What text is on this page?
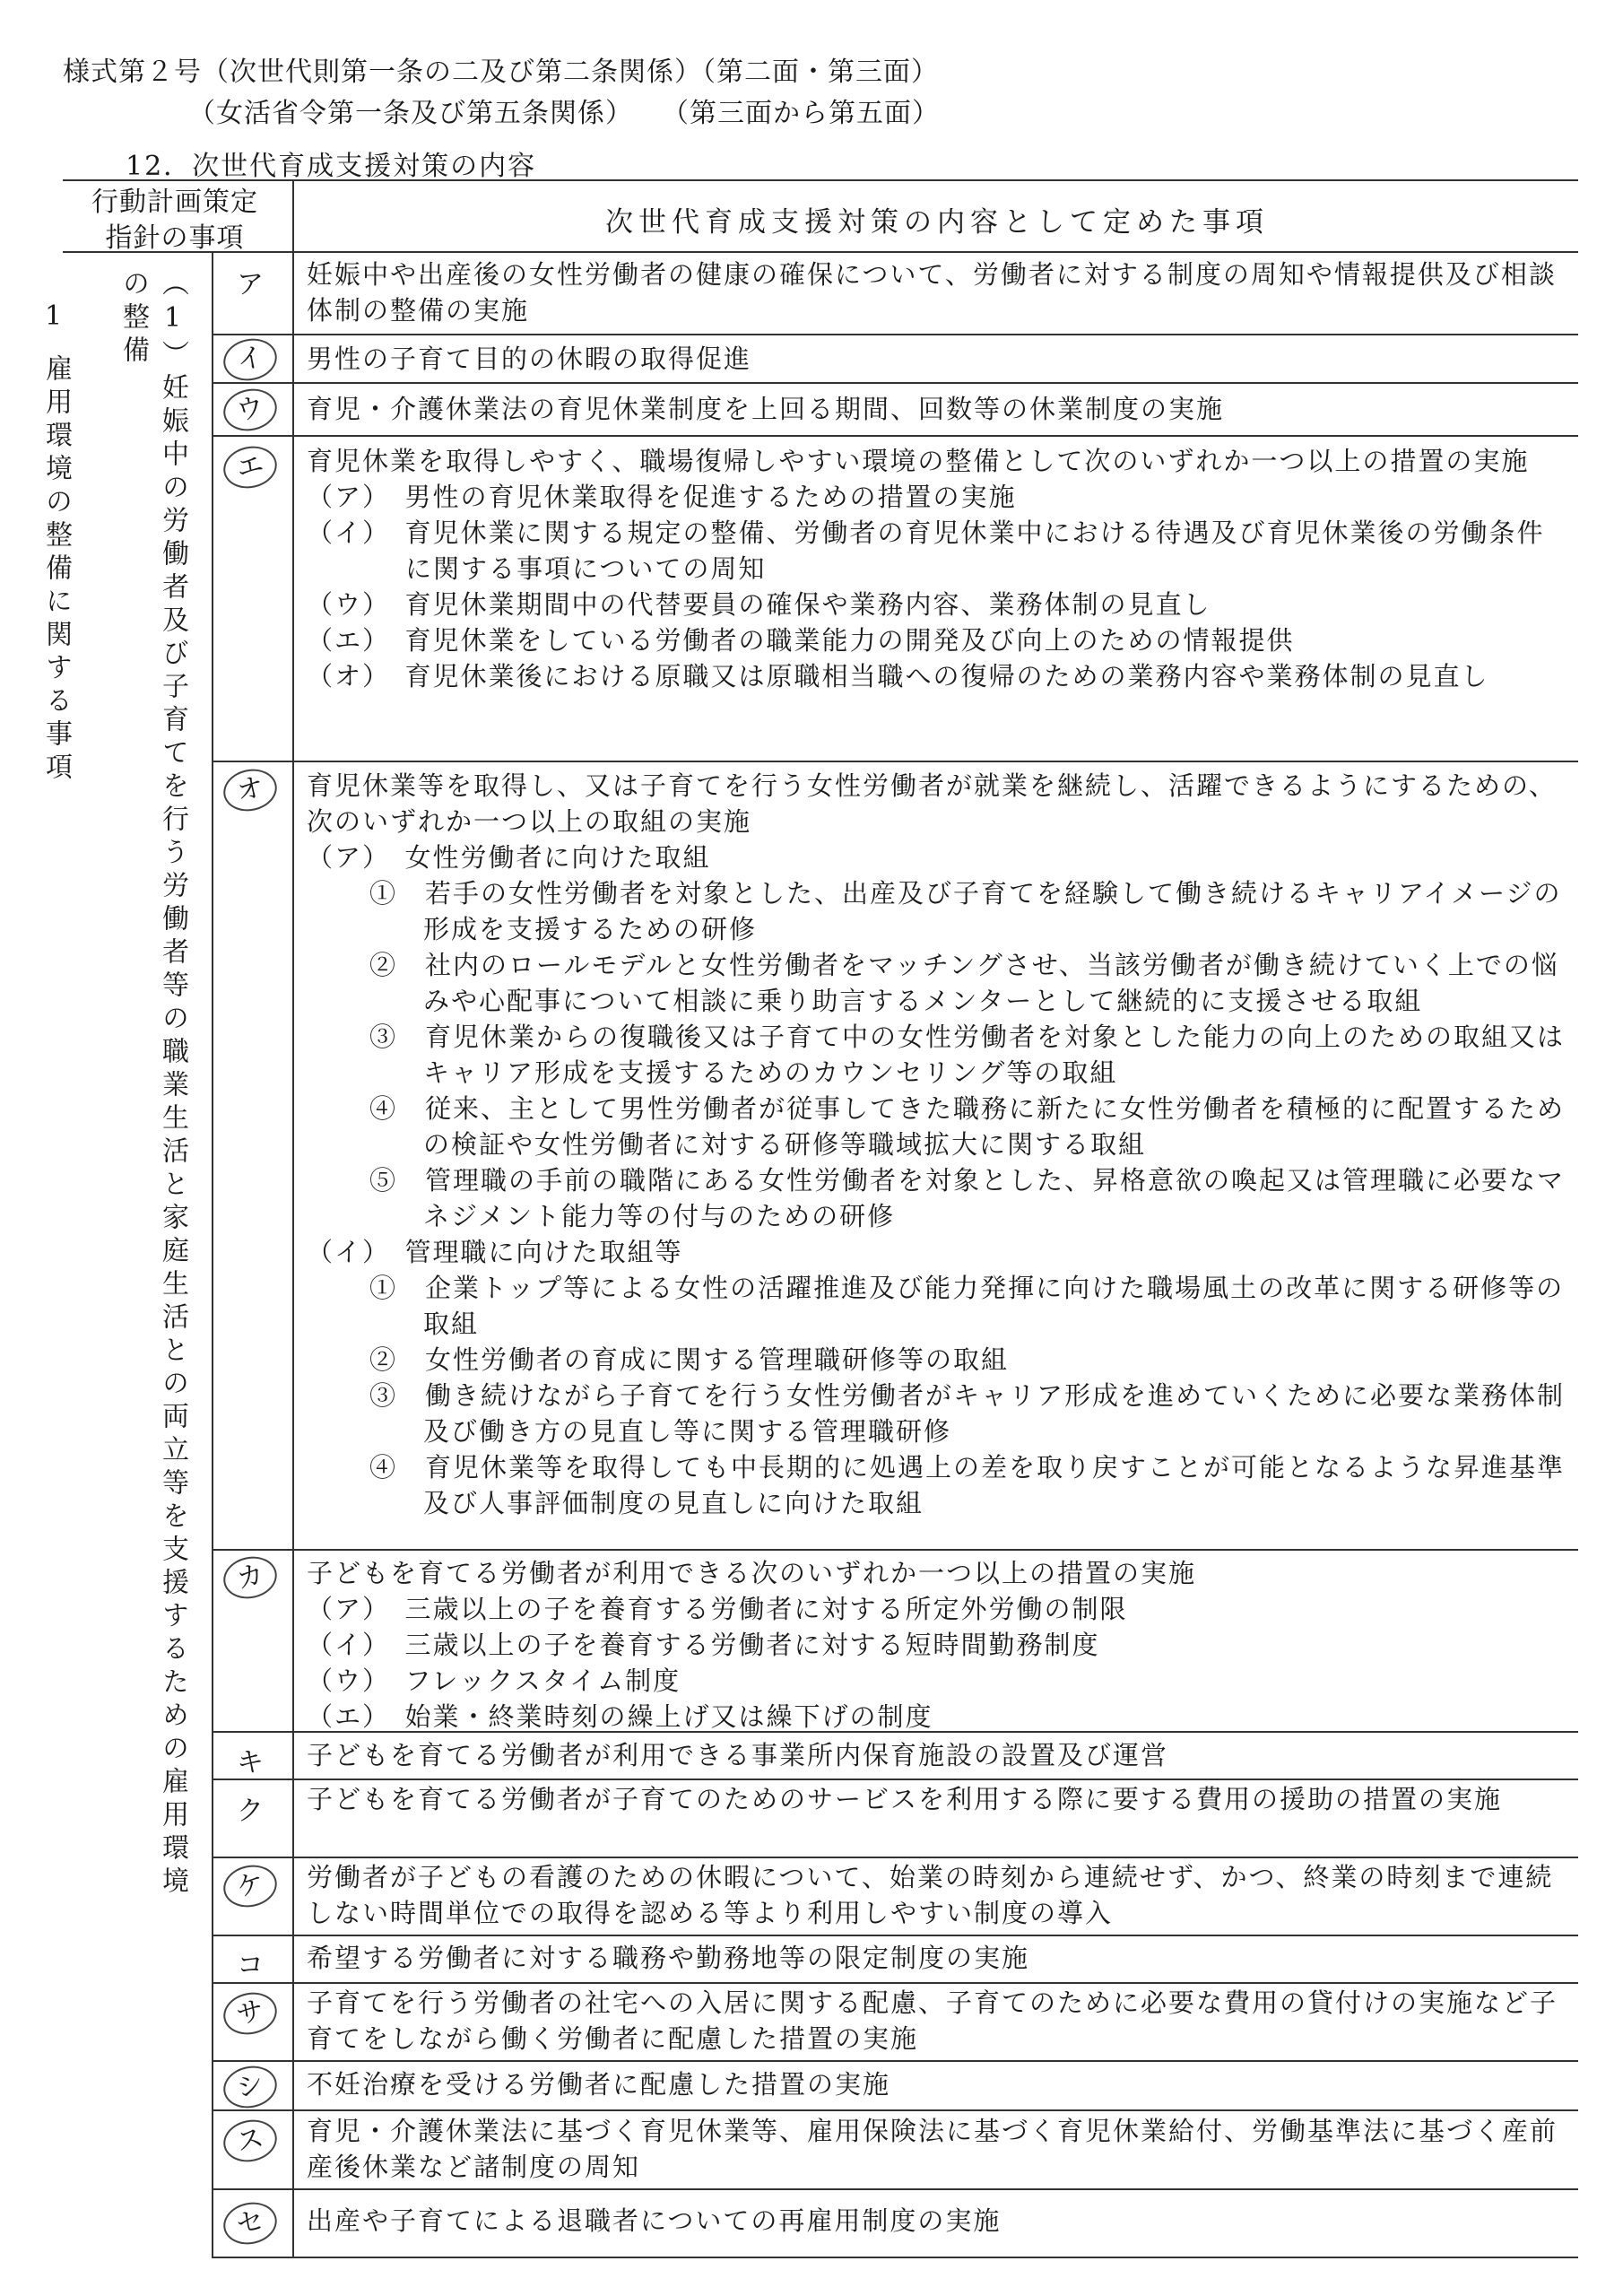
様式第２号（次世代則第一条の二及び第二条関係）（第二面・第三面）
　　　　　（女活省令第一条及び第五条関係）　　（第三面から第五面）
12．次世代育成支援対策の内容
行動計画策定
指針の事項	次世代育成支援対策の内容として定めた事項
1
雇用環境の整備に関する事項	（1）妊娠中の労働者及び子育てを行う労働者等の職業生活と家庭生活との両立等を支援するための雇用環境の整備	ア	妊娠中や出産後の女性労働者の健康の確保について、労働者に対する制度の周知や情報提供及び相談体制の整備の実施

イ	男性の子育て目的の休暇の取得促進

ウ	育児・介護休業法の育児休業制度を上回る期間、回数等の休業制度の実施

エ	育児休業を取得しやすく、職場復帰しやすい環境の整備として次のいずれか一つ以上の措置の実施

（ア）　男性の育児休業取得を促進するための措置の実施

（イ）　育児休業に関する規定の整備、労働者の育児休業中における待遇及び育児休業後の労働条件に関する事項についての周知

（ウ）　育児休業期間中の代替要員の確保や業務内容、業務体制の見直し

（エ）　育児休業をしている労働者の職業能力の開発及び向上のための情報提供

（オ）　育児休業後における原職又は原職相当職への復帰のための業務内容や業務体制の見直し

オ	育児休業等を取得し、又は子育てを行う女性労働者が就業を継続し、活躍できるようにするための、次のいずれか一つ以上の取組の実施

（ア）　女性労働者に向けた取組

①　若手の女性労働者を対象とした、出産及び子育てを経験して働き続けるキャリアイメージの形成を支援するための研修

②　社内のロールモデルと女性労働者をマッチングさせ、当該労働者が働き続けていく上での悩みや心配事について相談に乗り助言するメンターとして継続的に支援させる取組

③　育児休業からの復職後又は子育て中の女性労働者を対象とした能力の向上のための取組又はキャリア形成を支援するためのカウンセリング等の取組

④　従来、主として男性労働者が従事してきた職務に新たに女性労働者を積極的に配置するための検証や女性労働者に対する研修等職域拡大に関する取組

⑤　管理職の手前の職階にある女性労働者を対象とした、昇格意欲の喚起又は管理職に必要なマネジメント能力等の付与のための研修

（イ）　管理職に向けた取組等

①　企業トップ等による女性の活躍推進及び能力発揮に向けた職場風土の改革に関する研修等の取組

②　女性労働者の育成に関する管理職研修等の取組

③　働き続けながら子育てを行う女性労働者がキャリア形成を進めていくために必要な業務体制及び働き方の見直し等に関する管理職研修

④　育児休業等を取得しても中長期的に処遇上の差を取り戻すことが可能となるような昇進基準及び人事評価制度の見直しに向けた取組

カ	子どもを育てる労働者が利用できる次のいずれか一つ以上の措置の実施

（ア）　三歳以上の子を養育する労働者に対する所定外労働の制限

（イ）　三歳以上の子を養育する労働者に対する短時間勤務制度

（ウ）　フレックスタイム制度

（エ）　始業・終業時刻の繰上げ又は繰下げの制度

キ	子どもを育てる労働者が利用できる事業所内保育施設の設置及び運営

ク	子どもを育てる労働者が子育てのためのサービスを利用する際に要する費用の援助の措置の実施

ケ	労働者が子どもの看護のための休暇について、始業の時刻から連続せず、かつ、終業の時刻まで連続しない時間単位での取得を認める等より利用しやすい制度の導入

コ	希望する労働者に対する職務や勤務地等の限定制度の実施

サ	子育てを行う労働者の社宅への入居に関する配慮、子育てのために必要な費用の貸付けの実施など子育てをしながら働く労働者に配慮した措置の実施

シ	不妊治療を受ける労働者に配慮した措置の実施

ス	育児・介護休業法に基づく育児休業等、雇用保険法に基づく育児休業給付、労働基準法に基づく産前産後休業など諸制度の周知

セ	出産や子育てによる退職者についての再雇用制度の実施
